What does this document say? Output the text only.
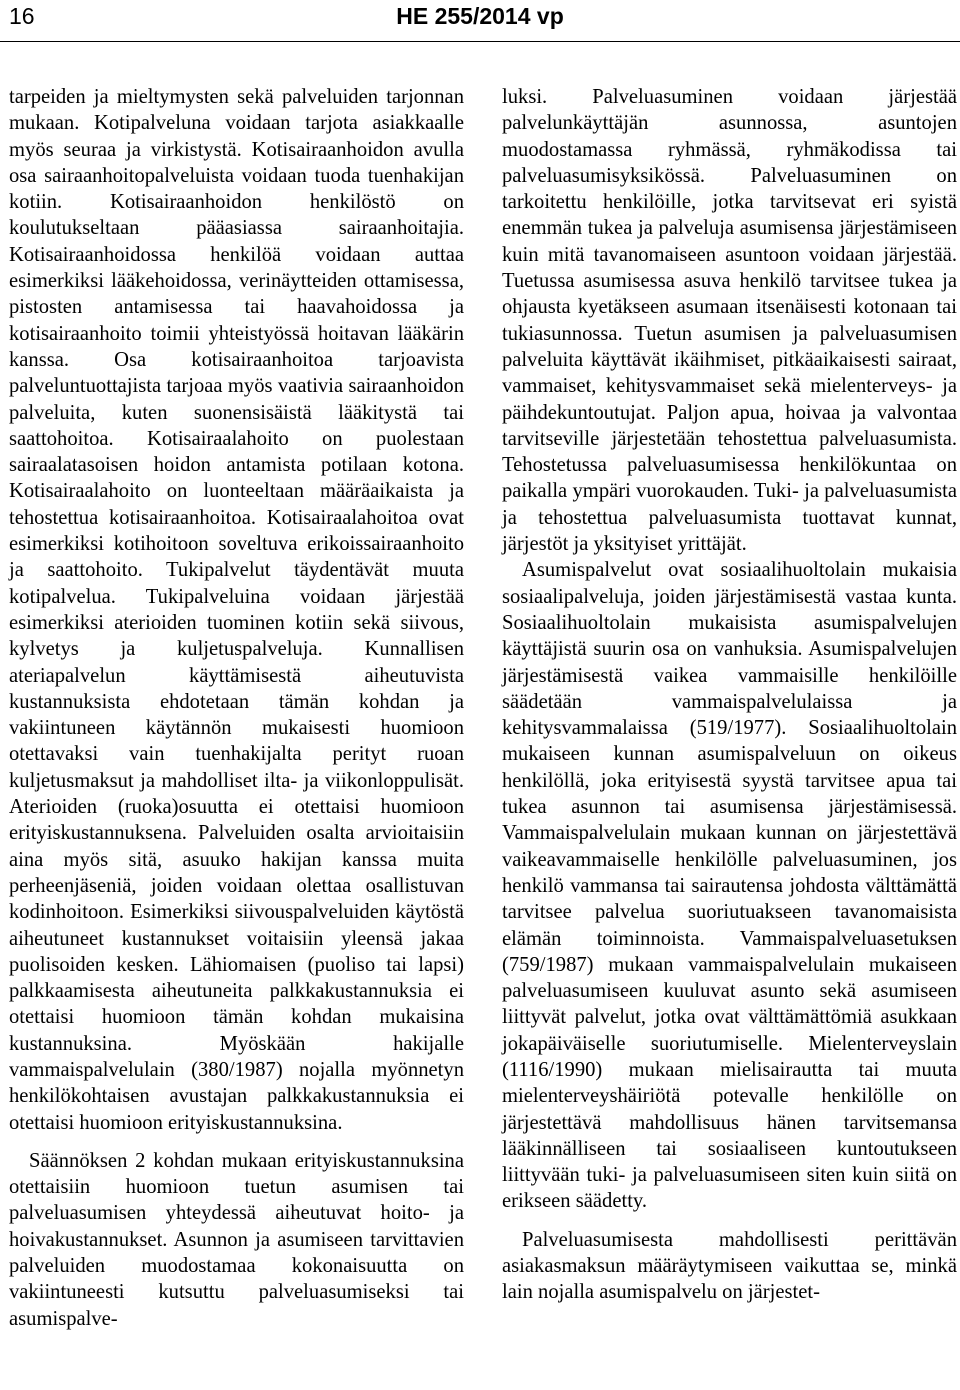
16	HE 255/2014 vp

tarpeiden ja mieltymysten sekä palveluiden tarjonnan mukaan. Kotipalveluna voidaan tarjota asiakkaalle myös seuraa ja virkistystä. Kotisairaanhoidon avulla osa sairaanhoitopalveluista voidaan tuoda tuenhakijan kotiin. Kotisairaanhoidon henkilöstö on koulutukseltaan pääasiassa sairaanhoitajia. Kotisairaanhoidossa henkilöä voidaan auttaa esimerkiksi lääkehoidossa, verinäytteiden ottamisessa, pistosten antamisessa tai haavahoidossa ja kotisairaanhoito toimii yhteistyössä hoitavan lääkärin kanssa. Osa kotisairaanhoitoa tarjoavista palveluntuottajista tarjoaa myös vaativia sairaanhoidon palveluita, kuten suonensisäistä lääkitystä tai saattohoitoa. Kotisairaalahoito on puolestaan sairaalatasoisen hoidon antamista potilaan kotona. Kotisairaalahoito on luonteeltaan määräaikaista ja tehostettua kotisairaanhoitoa. Kotisairaalahoitoa ovat esimerkiksi kotihoitoon soveltuva erikoissairaanhoito ja saattohoito. Tukipalvelut täydentävät muuta kotipalvelua. Tukipalveluina voidaan järjestää esimerkiksi aterioiden tuominen kotiin sekä siivous, kylvetys ja kuljetuspalveluja. Kunnallisen ateriapalvelun käyttämisestä aiheutuvista kustannuksista ehdotetaan tämän kohdan ja vakiintuneen käytännön mukaisesti huomioon otettavaksi vain tuenhakijalta perityt ruoan kuljetusmaksut ja mahdolliset ilta- ja viikonloppulisät. Aterioiden (ruoka)osuutta ei otettaisi huomioon erityiskustannuksena. Palveluiden osalta arvioitaisiin aina myös sitä, asuuko hakijan kanssa muita perheenjäseniä, joiden voidaan olettaa osallistuvan kodinhoitoon. Esimerkiksi siivouspalveluiden käytöstä aiheutuneet kustannukset voitaisiin yleensä jakaa puolisoiden kesken. Lähiomaisen (puoliso tai lapsi) palkkaamisesta aiheutuneita palkkakustannuksia ei otettaisi huomioon tämän kohdan mukaisina kustannuksina. Myöskään hakijalle vammaispalvelulain (380/1987) nojalla myönnetyn henkilökohtaisen avustajan palkkakustannuksia ei otettaisi huomioon erityiskustannuksina.

Säännöksen 2 kohdan mukaan erityiskustannuksina otettaisiin huomioon tuetun asumisen tai palveluasumisen yhteydessä aiheutuvat hoito- ja hoivakustannukset. Asunnon ja asumiseen tarvittavien palveluiden muodostamaa kokonaisuutta on vakiintuneesti kutsuttu palveluasumiseksi tai asumispalve-

luksi. Palveluasuminen voidaan järjestää palvelunkäyttäjän asunnossa, asuntojen muodostamassa ryhmässä, ryhmäkodissa tai palveluasumisyksikössä. Palveluasuminen on tarkoitettu henkilöille, jotka tarvitsevat eri syistä enemmän tukea ja palveluja asumisensa järjestämiseen kuin mitä tavanomaiseen asuntoon voidaan järjestää. Tuetussa asumisessa asuva henkilö tarvitsee tukea ja ohjausta kyetäkseen asumaan itsenäisesti kotonaan tai tukiasunnossa. Tuetun asumisen ja palveluasumisen palveluita käyttävät ikäihmiset, pitkäaikaisesti sairaat, vammaiset, kehitysvammaiset sekä mielenterveys- ja päihdekuntoutujat. Paljon apua, hoivaa ja valvontaa tarvitseville järjestetään tehostettua palveluasumista. Tehostetussa palveluasumisessa henkilökuntaa on paikalla ympäri vuorokauden. Tuki- ja palveluasumista ja tehostettua palveluasumista tuottavat kunnat, järjestöt ja yksityiset yrittäjät.

Asumispalvelut ovat sosiaalihuoltolain mukaisia sosiaalipalveluja, joiden järjestämisestä vastaa kunta. Sosiaalihuoltolain mukaisista asumispalvelujen käyttäjistä suurin osa on vanhuksia. Asumispalvelujen järjestämisestä vaikea vammaisille henkilöille säädetään vammaispalvelulaissa ja kehitysvammalaissa (519/1977). Sosiaalihuoltolain mukaiseen kunnan asumispalveluun on oikeus henkilöllä, joka erityisestä syystä tarvitsee apua tai tukea asunnon tai asumisensa järjestämisessä. Vammaispalvelulain mukaan kunnan on järjestettävä vaikeavammaiselle henkilölle palveluasuminen, jos henkilö vammansa tai sairautensa johdosta välttämättä tarvitsee palvelua suoriutuakseen tavanomaisista elämän toiminnoista. Vammaispalveluasetuksen (759/1987) mukaan vammaispalvelulain mukaiseen palveluasumiseen kuuluvat asunto sekä asumiseen liittyvät palvelut, jotka ovat välttämättömiä asukkaan jokapäiväiselle suoriutumiselle. Mielenterveyslain (1116/1990) mukaan mielisairautta tai muuta mielenterveyshäiriötä potevalle henkilölle on järjestettävä mahdollisuus hänen tarvitsemansa lääkinnälliseen tai sosiaaliseen kuntoutukseen liittyvään tuki- ja palveluasumiseen siten kuin siitä on erikseen säädetty.

Palveluasumisesta mahdollisesti perittävän asiakasmaksun määräytymiseen vaikuttaa se, minkä lain nojalla asumispalvelu on järjestet-
